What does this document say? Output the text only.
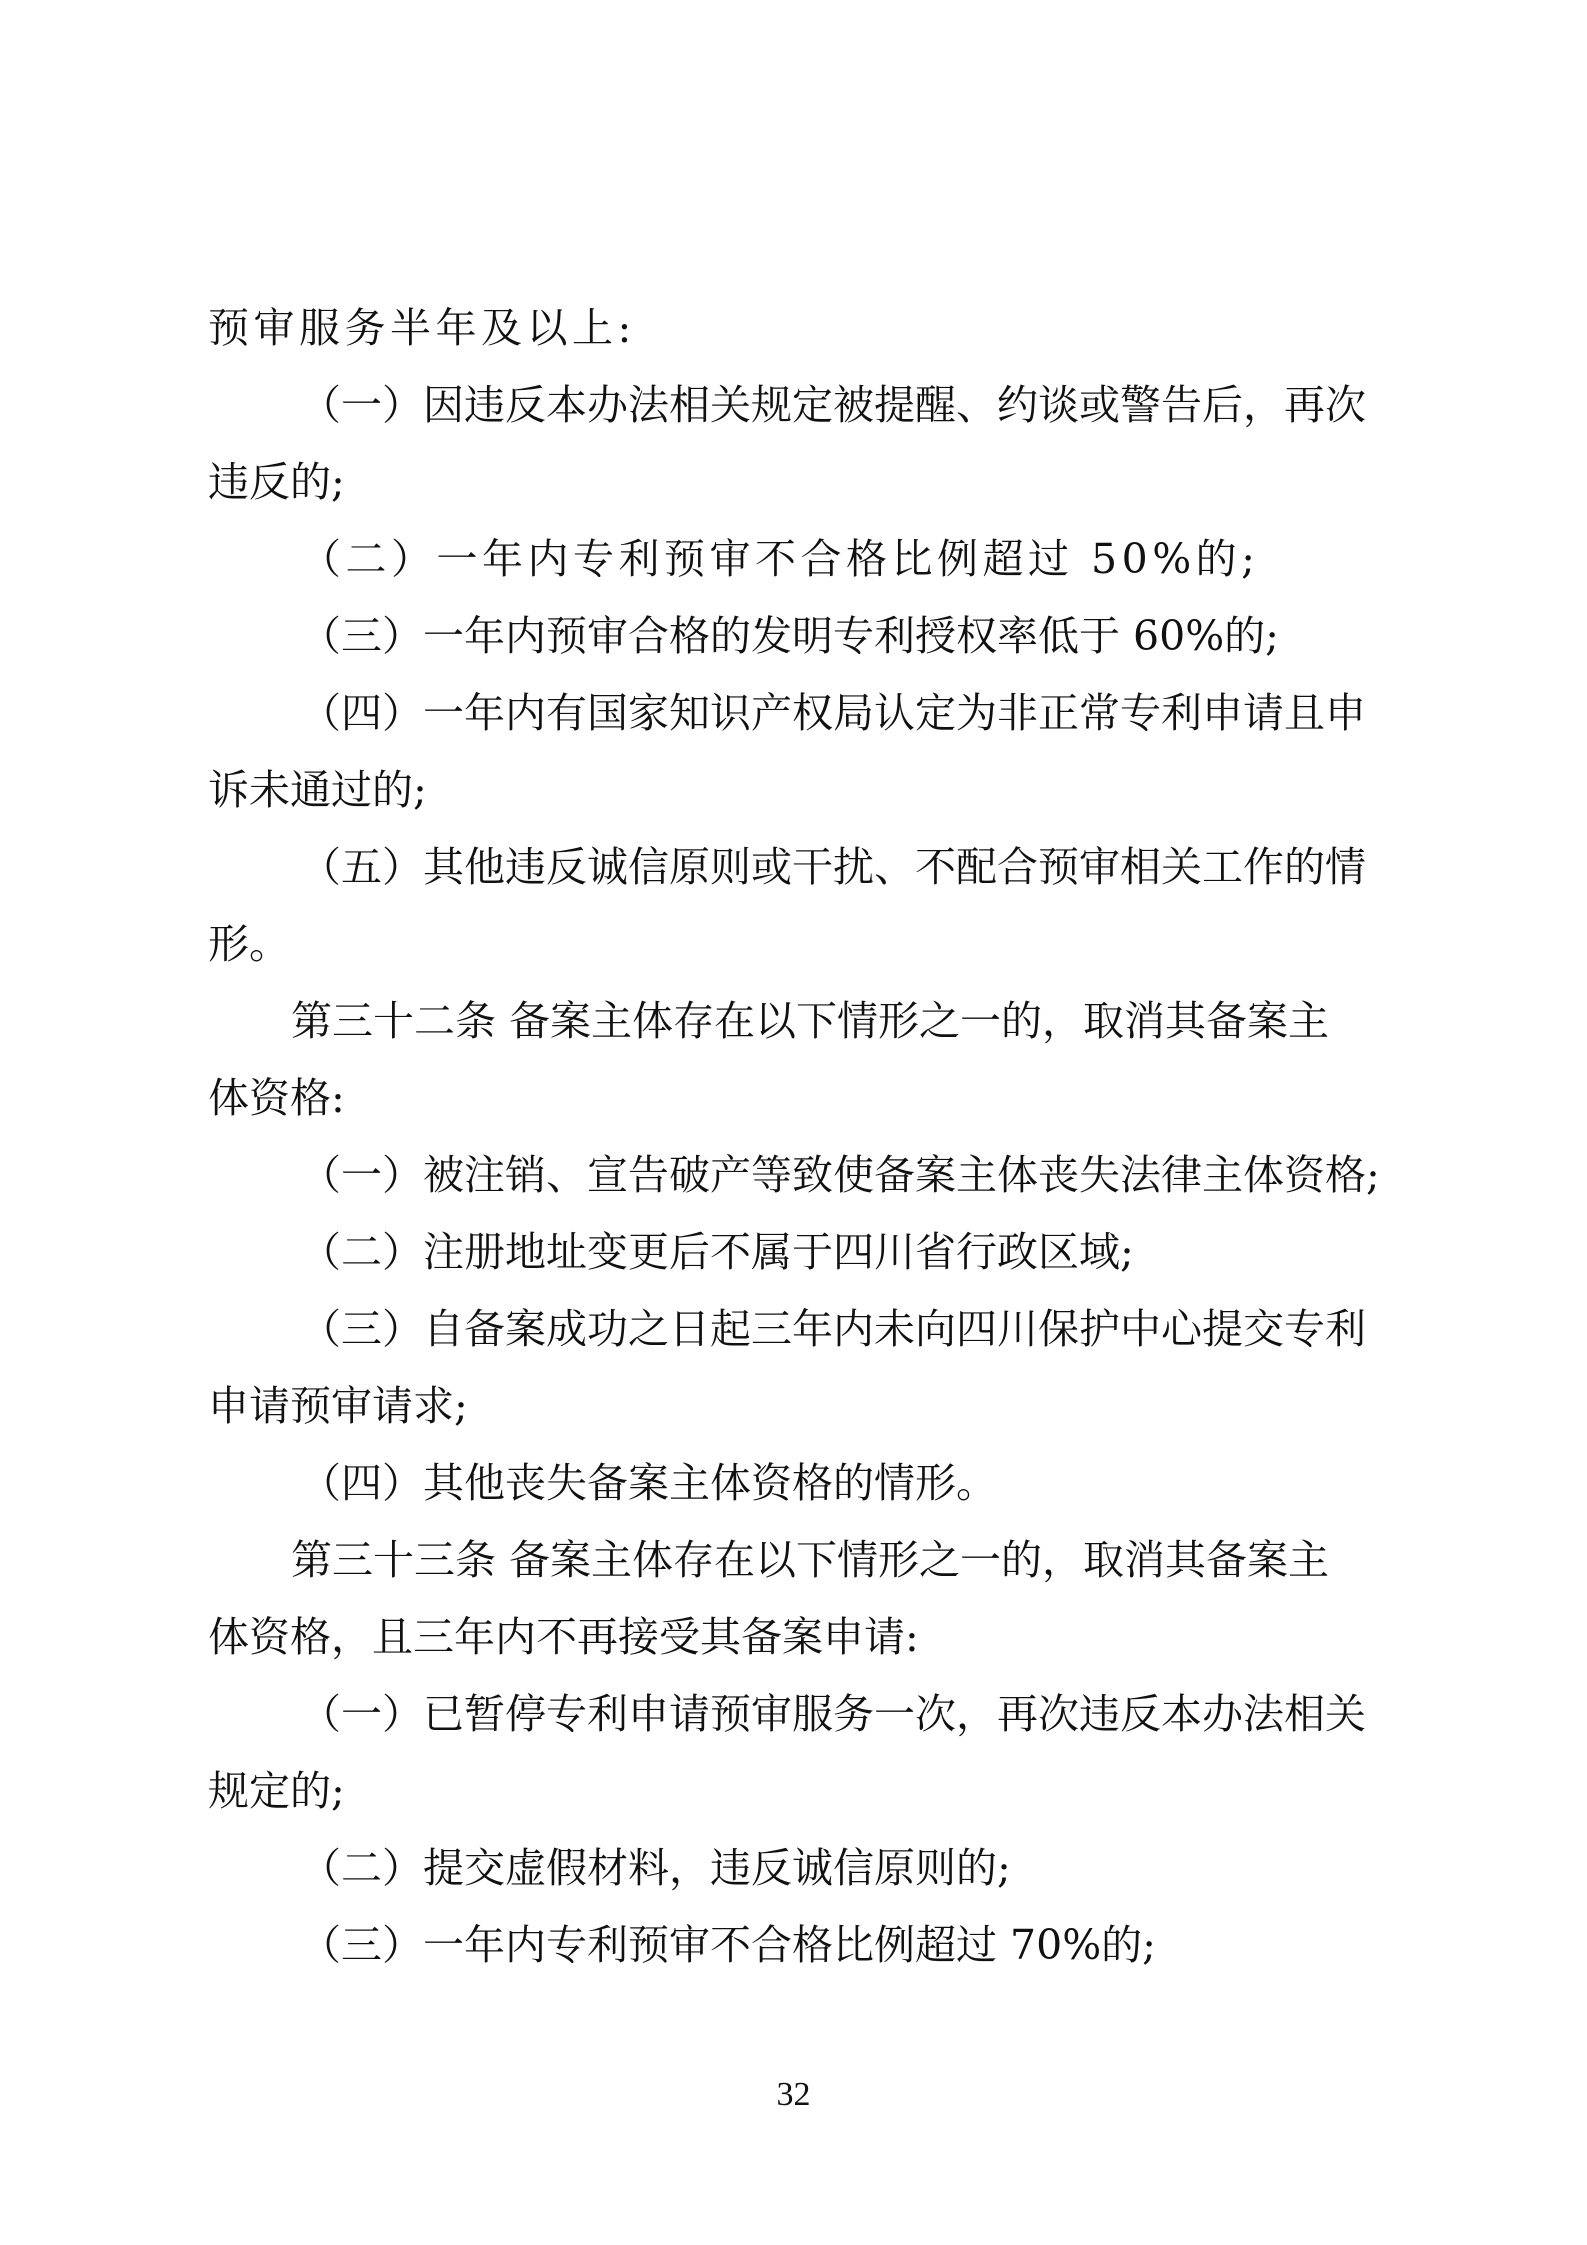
预审服务半年及以上:
（一）因违反本办法相关规定被提醒、约谈或警告后，再次
违反的;
（二）一年内专利预审不合格比例超过 50%的;
（三）一年内预审合格的发明专利授权率低于 60%的;
（四）一年内有国家知识产权局认定为非正常专利申请且申
诉未通过的;
（五）其他违反诚信原则或干扰、不配合预审相关工作的情
形。
第三十二条 备案主体存在以下情形之一的，取消其备案主
体资格:
（一）被注销、宣告破产等致使备案主体丧失法律主体资格;
（二）注册地址变更后不属于四川省行政区域;
（三）自备案成功之日起三年内未向四川保护中心提交专利
申请预审请求;
（四）其他丧失备案主体资格的情形。
第三十三条 备案主体存在以下情形之一的，取消其备案主
体资格，且三年内不再接受其备案申请:
（一）已暂停专利申请预审服务一次，再次违反本办法相关
规定的;
（二）提交虚假材料，违反诚信原则的;
（三）一年内专利预审不合格比例超过 70%的;
32
